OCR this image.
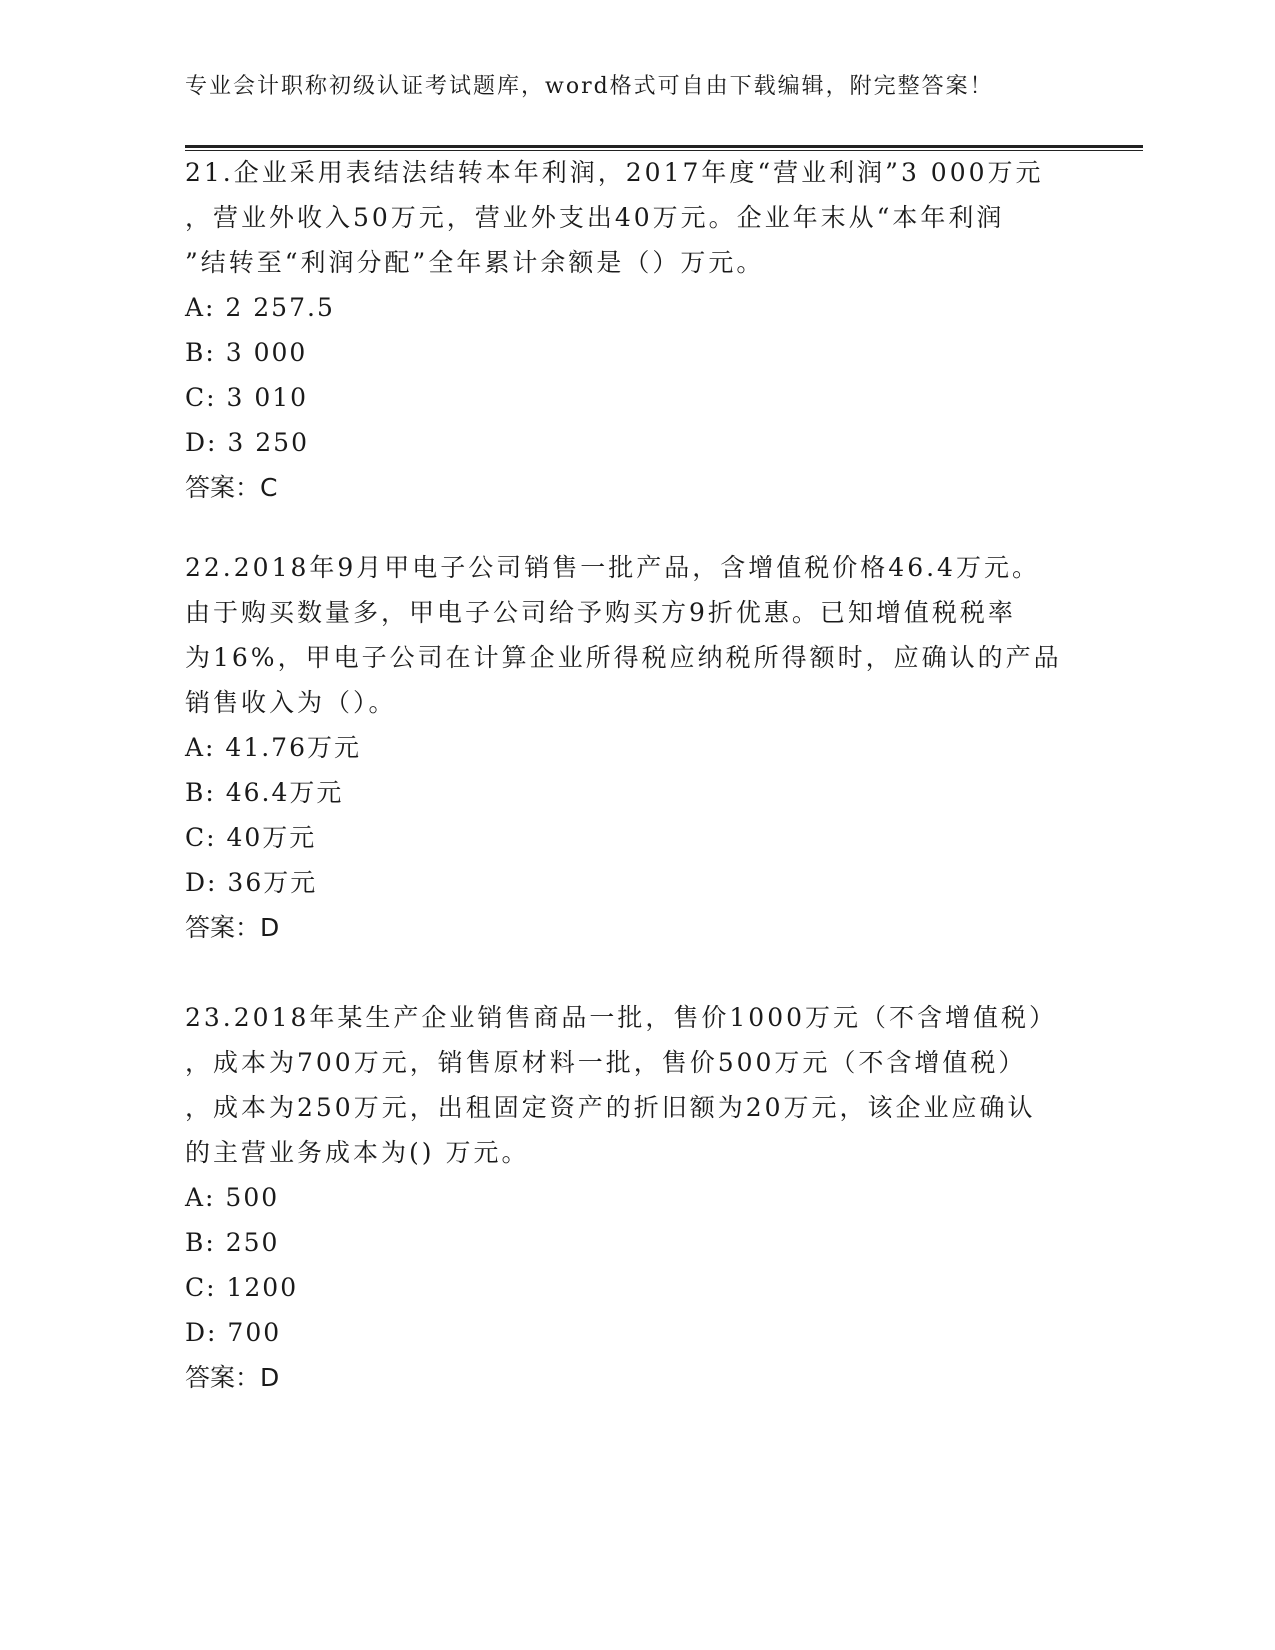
专业会计职称初级认证考试题库，word格式可自由下载编辑，附完整答案！
21.企业采用表结法结转本年利润，2017年度“营业利润”3 000万元
，营业外收入50万元，营业外支出40万元。企业年末从“本年利润
”结转至“利润分配”全年累计余额是（）万元。
A: 2 257.5
B: 3 000
C: 3 010
D: 3 250
答案：C
22.2018年9月甲电子公司销售一批产品，含增值税价格46.4万元。
由于购买数量多，甲电子公司给予购买方9折优惠。已知增值税税率
为16%，甲电子公司在计算企业所得税应纳税所得额时，应确认的产品
销售收入为（）。
A: 41.76万元
B: 46.4万元
C: 40万元
D: 36万元
答案：D
23.2018年某生产企业销售商品一批，售价1000万元（不含增值税）
，成本为700万元，销售原材料一批，售价500万元（不含增值税）
，成本为250万元，出租固定资产的折旧额为20万元，该企业应确认
的主营业务成本为() 万元。
A: 500
B: 250
C: 1200
D: 700
答案：D
